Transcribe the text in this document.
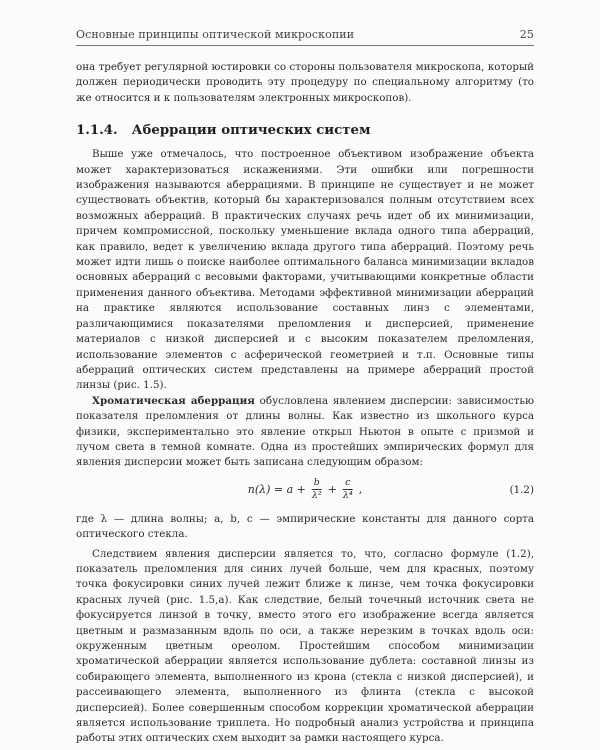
Основные принципы оптической микроскопии	25

она требует регулярной юстировки со стороны пользователя микроскопа, который должен периодически проводить эту процедуру по специальному алгоритму (то же относится и к пользователям электронных микроскопов).

1.1.4. Аберрации оптических систем

Выше уже отмечалось, что построенное объективом изображение объекта может характеризоваться искажениями. Эти ошибки или погрешности изображения называются аберрациями. В принципе не существует и не может существовать объектив, который бы характеризовался полным отсутствием всех возможных аберраций. В практических случаях речь идет об их минимизации, причем компромиссной, поскольку уменьшение вклада одного типа аберраций, как правило, ведет к увеличению вклада другого типа аберраций. Поэтому речь может идти лишь о поиске наиболее оптимального баланса минимизации вкладов основных аберраций с весовыми факторами, учитывающими конкретные области применения данного объектива. Методами эффективной минимизации аберраций на практике являются использование составных линз с элементами, различающимися показателями преломления и дисперсией, применение материалов с низкой дисперсией и с высоким показателем преломления, использование элементов с асферической геометрией и т.п. Основные типы аберраций оптических систем представлены на примере аберраций простой линзы (рис. 1.5).

Хроматическая аберрация обусловлена явлением дисперсии: зависимостью показателя преломления от длины волны. Как известно из школьного курса физики, экспериментально это явление открыл Ньютон в опыте с призмой и лучом света в темной комнате. Одна из простейших эмпирических формул для явления дисперсии может быть записана следующим образом:

$n(\lambda) = a + \frac{b}{\text{λ²}} + \frac{c}{\text{λ⁴}}$ ,	(1.2)

где λ — длина волны; a, b, c — эмпирические константы для данного сорта оптического стекла.

Следствием явления дисперсии является то, что, согласно формуле (1.2), показатель преломления для синих лучей больше, чем для красных, поэтому точка фокусировки синих лучей лежит ближе к линзе, чем точка фокусировки красных лучей (рис. 1.5,а). Как следствие, белый точечный источник света не фокусируется линзой в точку, вместо этого его изображение всегда является цветным и размазанным вдоль по оси, а также нерезким в точках вдоль оси: окруженным цветным ореолом. Простейшим способом минимизации хроматической аберрации является использование дублета: составной линзы из собирающего элемента, выполненного из крона (стекла с низкой дисперсией), и рассеивающего элемента, выполненного из флинта (стекла с высокой дисперсией). Более совершенным способом коррекции хроматической аберрации является использование триплета. Но подробный анализ устройства и принципа работы этих оптических схем выходит за рамки настоящего курса.
